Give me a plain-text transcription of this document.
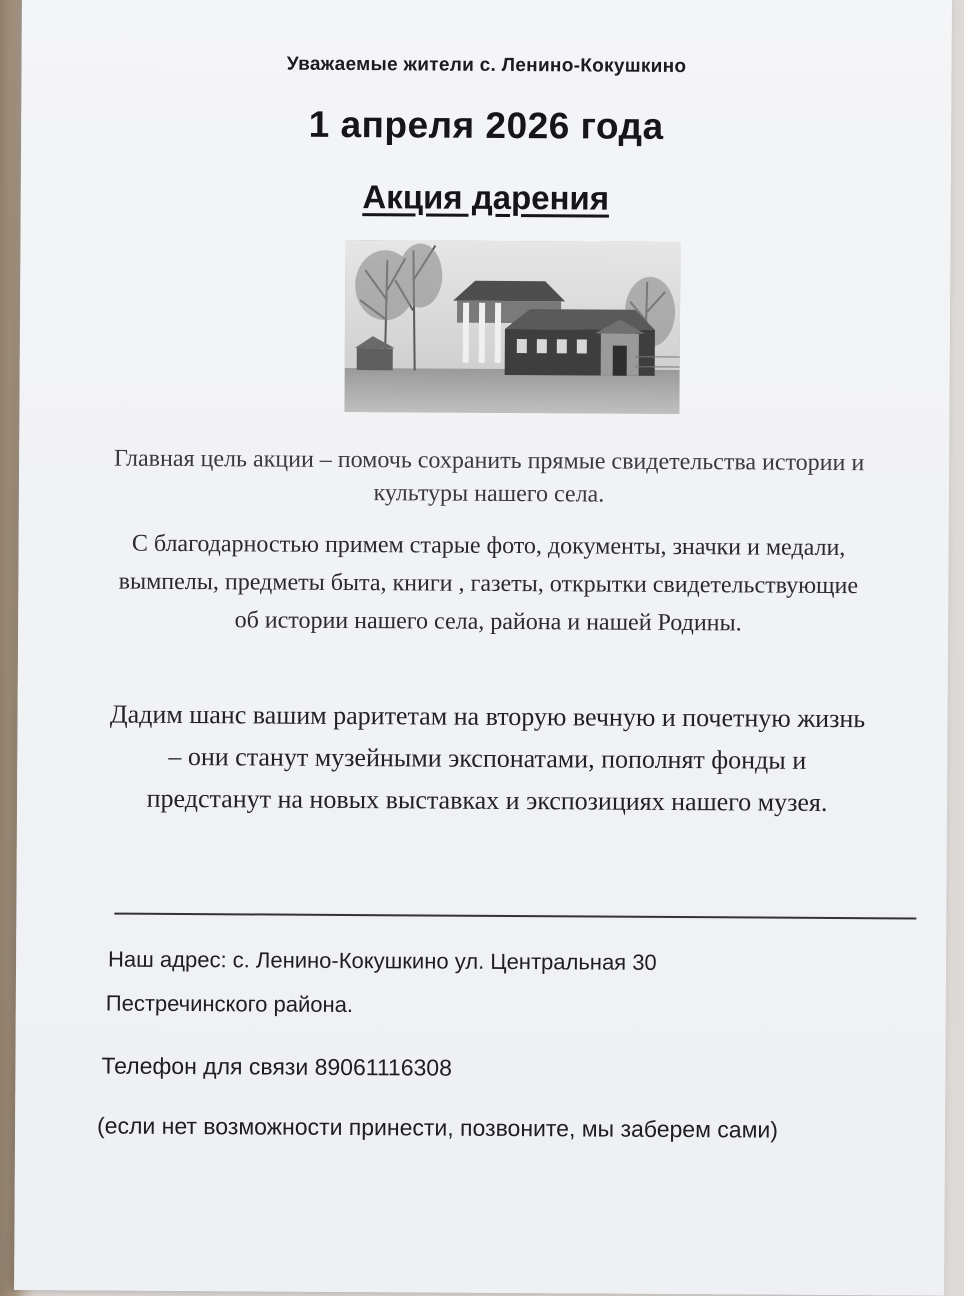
Уважаемые жители с. Ленино-Кокушкино
1 апреля 2026 года
Акция дарения
Главная цель акции – помочь сохранить прямые свидетельства истории и культуры нашего села.
С благодарностью примем старые фото, документы, значки и медали, вымпелы, предметы быта, книги , газеты, открытки свидетельствующие об истории нашего села, района и нашей Родины.
Дадим шанс вашим раритетам на вторую вечную и почетную жизнь – они станут музейными экспонатами, пополнят фонды и предстанут на новых выставках и экспозициях нашего музея.
Наш адрес: с. Ленино-Кокушкино ул. Центральная 30
Пестречинского района.
Телефон для связи 89061116308
(если нет возможности принести, позвоните, мы заберем сами)
